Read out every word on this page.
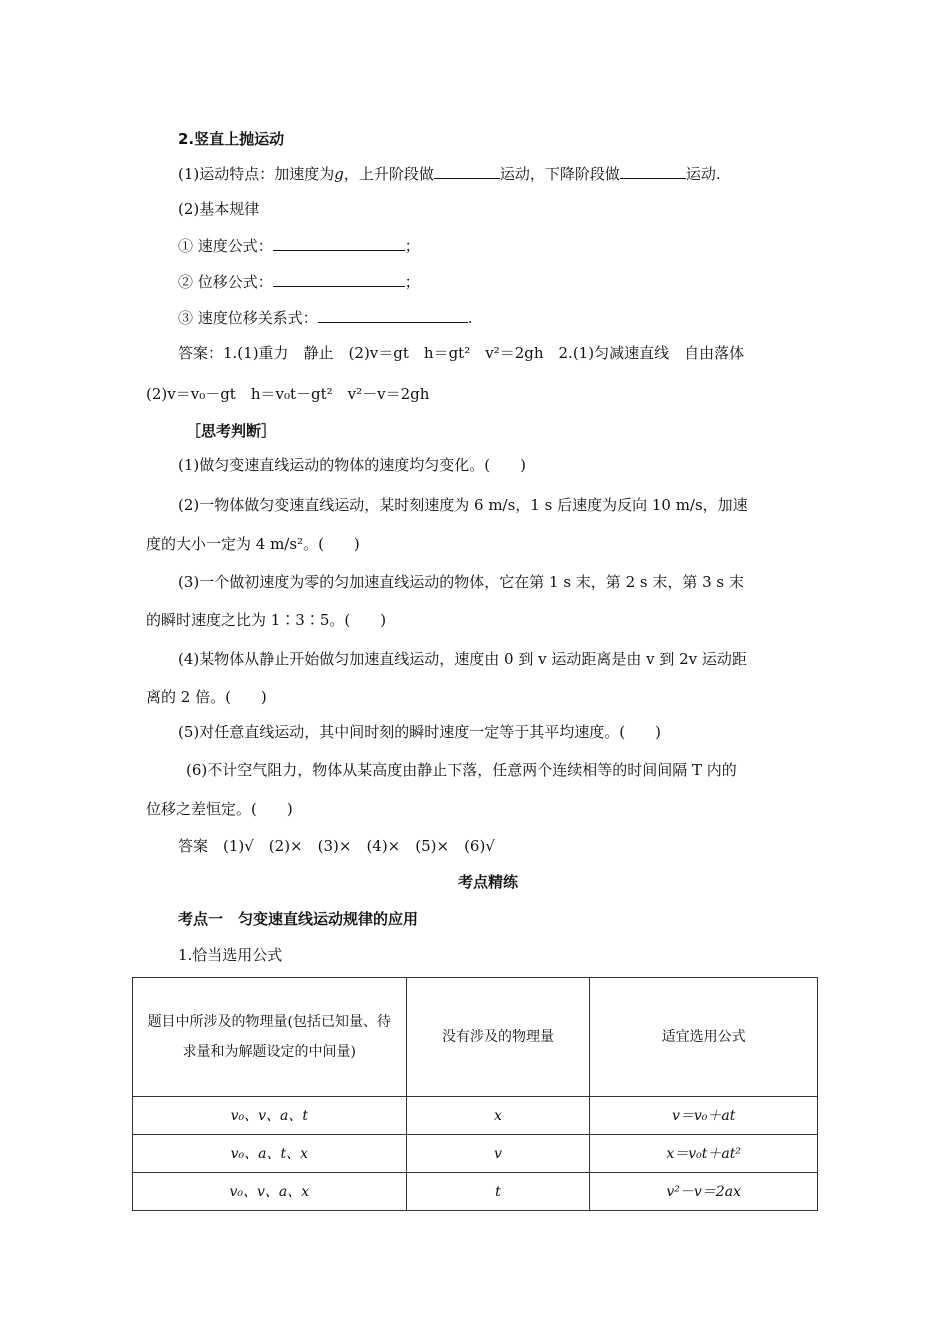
2.竖直上抛运动
(1)运动特点：加速度为g，上升阶段做	运动，下降阶段做	运动.
(2)基本规律
① 速度公式：	；
② 位移公式：	；
③ 速度位移关系式：	.
答案：1.(1)重力　静止　(2)v＝gt　h＝gt²　v²＝2gh　2.(1)匀减速直线　自由落体
(2)v＝v₀－gt　h＝v₀t－gt²　v²－v＝2gh
［思考判断］
(1)做匀变速直线运动的物体的速度均匀变化。(　　)
(2)一物体做匀变速直线运动，某时刻速度为 6 m/s，1 s 后速度为反向 10 m/s，加速
度的大小一定为 4 m/s²。(　　)
(3)一个做初速度为零的匀加速直线运动的物体，它在第 1 s 末，第 2 s 末，第 3 s 末
的瞬时速度之比为 1∶3∶5。(　　)
(4)某物体从静止开始做匀加速直线运动，速度由 0 到 v 运动距离是由 v 到 2v 运动距
离的 2 倍。(　　)
(5)对任意直线运动，其中间时刻的瞬时速度一定等于其平均速度。(　　)
(6)不计空气阻力，物体从某高度由静止下落，任意两个连续相等的时间间隔 T 内的
位移之差恒定。(　　)
答案　(1)√　(2)×　(3)×　(4)×　(5)×　(6)√
考点精练
考点一　匀变速直线运动规律的应用
1.恰当选用公式
题目中所涉及的物理量(包括已知量、待求量和为解题设定的中间量)	没有涉及的物理量	适宜选用公式
v₀、v、a、t	x	v＝v₀＋at
v₀、a、t、x	v	x＝v₀t＋at²
v₀、v、a、x	t	v²－v＝2ax
